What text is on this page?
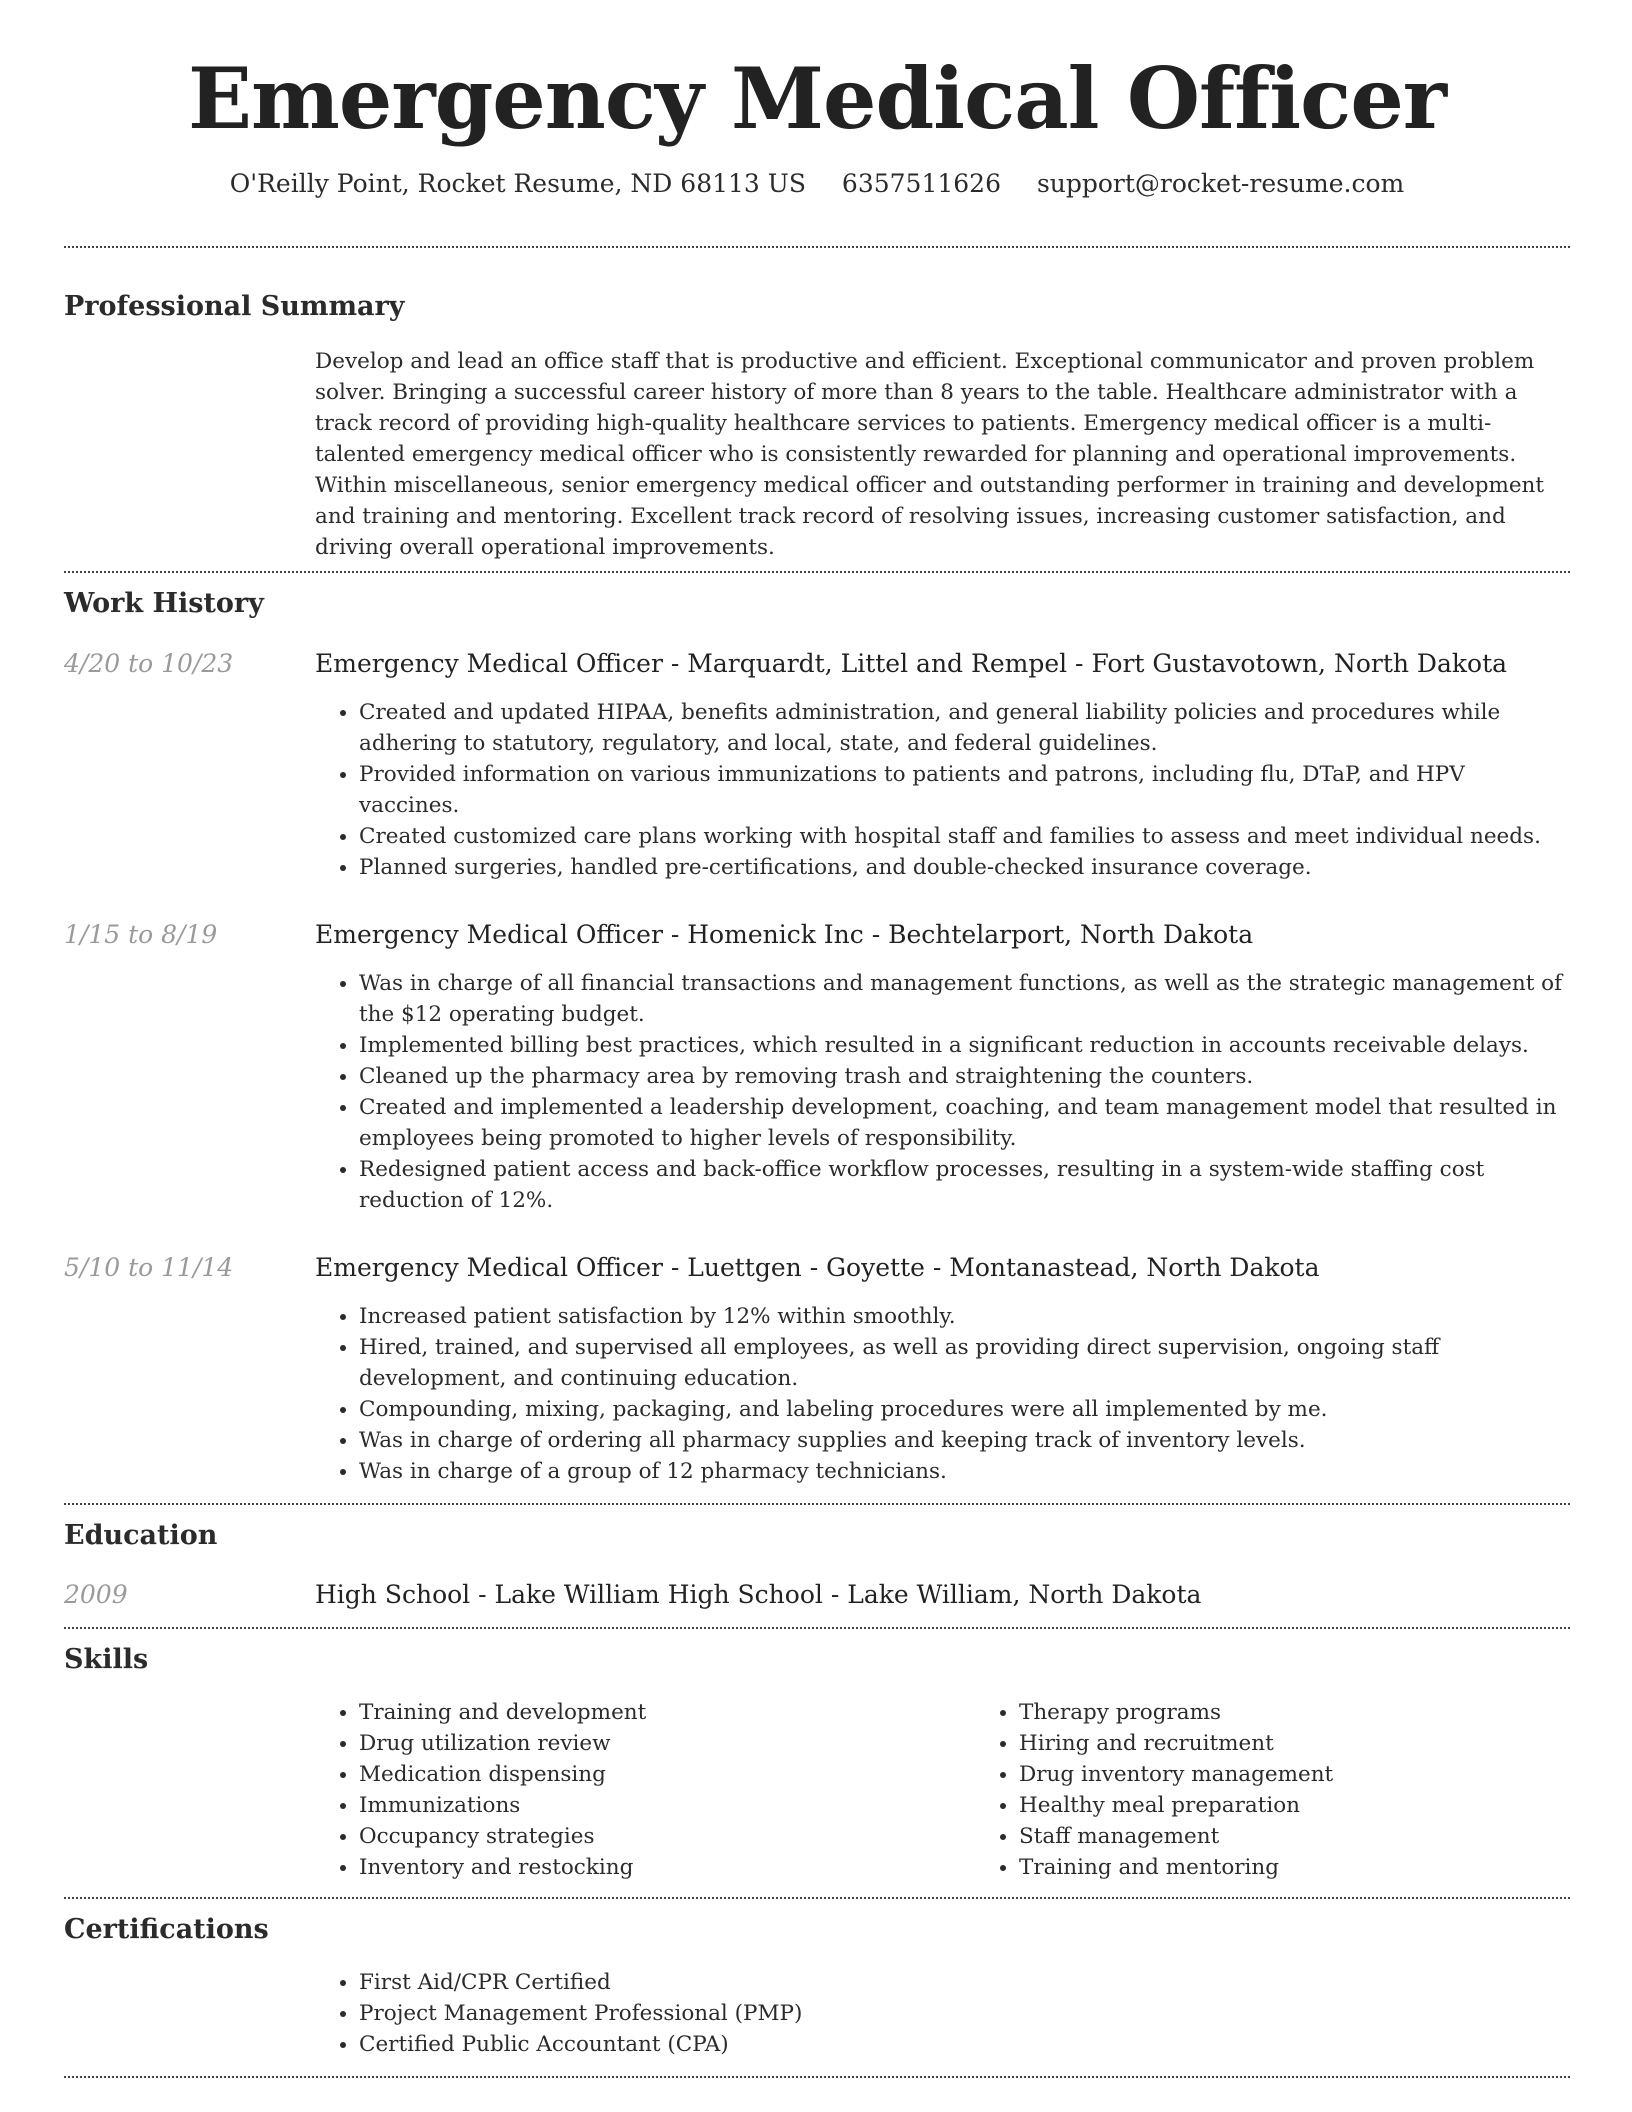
Emergency Medical Officer
O'Reilly Point, Rocket Resume, ND 68113 US 6357511626 support@rocket-resume.com
Professional Summary

Develop and lead an office staff that is productive and efficient. Exceptional communicator and proven problem solver. Bringing a successful career history of more than 8 years to the table. Healthcare administrator with a track record of providing high-quality healthcare services to patients. Emergency medical officer is a multi-talented emergency medical officer who is consistently rewarded for planning and operational improvements. Within miscellaneous, senior emergency medical officer and outstanding performer in training and development and training and mentoring. Excellent track record of resolving issues, increasing customer satisfaction, and driving overall operational improvements.

Work History
4/20 to 10/23	Emergency Medical Officer - Marquardt, Littel and Rempel - Fort Gustavotown, North Dakota
• Created and updated HIPAA, benefits administration, and general liability policies and procedures while adhering to statutory, regulatory, and local, state, and federal guidelines.
• Provided information on various immunizations to patients and patrons, including flu, DTaP, and HPV vaccines.
• Created customized care plans working with hospital staff and families to assess and meet individual needs.
• Planned surgeries, handled pre-certifications, and double-checked insurance coverage.
1/15 to 8/19	Emergency Medical Officer - Homenick Inc - Bechtelarport, North Dakota
• Was in charge of all financial transactions and management functions, as well as the strategic management of the $12 operating budget.
• Implemented billing best practices, which resulted in a significant reduction in accounts receivable delays.
• Cleaned up the pharmacy area by removing trash and straightening the counters.
• Created and implemented a leadership development, coaching, and team management model that resulted in employees being promoted to higher levels of responsibility.
• Redesigned patient access and back-office workflow processes, resulting in a system-wide staffing cost reduction of 12%.
5/10 to 11/14	Emergency Medical Officer - Luettgen - Goyette - Montanastead, North Dakota
• Increased patient satisfaction by 12% within smoothly.
• Hired, trained, and supervised all employees, as well as providing direct supervision, ongoing staff development, and continuing education.
• Compounding, mixing, packaging, and labeling procedures were all implemented by me.
• Was in charge of ordering all pharmacy supplies and keeping track of inventory levels.
• Was in charge of a group of 12 pharmacy technicians.
Education
2009	High School - Lake William High School - Lake William, North Dakota
Skills
• Training and development
• Drug utilization review
• Medication dispensing
• Immunizations
• Occupancy strategies
• Inventory and restocking
• Therapy programs
• Hiring and recruitment
• Drug inventory management
• Healthy meal preparation
• Staff management
• Training and mentoring
Certifications
• First Aid/CPR Certified
• Project Management Professional (PMP)
• Certified Public Accountant (CPA)
